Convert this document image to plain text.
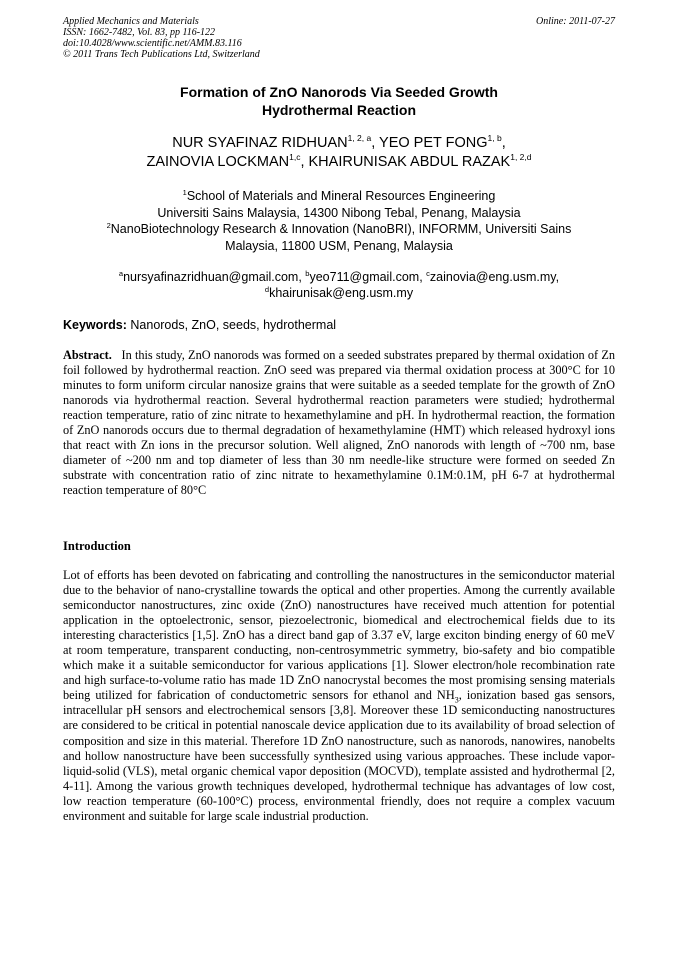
Applied Mechanics and Materials
ISSN: 1662-7482, Vol. 83, pp 116-122
doi:10.4028/www.scientific.net/AMM.83.116
© 2011 Trans Tech Publications Ltd, Switzerland
Online: 2011-07-27
Formation of ZnO Nanorods Via Seeded Growth
Hydrothermal Reaction
NUR SYAFINAZ RIDHUAN$^{1, 2, a}$, YEO PET FONG$^{1, b}$,
ZAINOVIA LOCKMAN$^{1,c}$, KHAIRUNISAK ABDUL RAZAK$^{1, 2,d}$
$^1$School of Materials and Mineral Resources Engineering
Universiti Sains Malaysia, 14300 Nibong Tebal, Penang, Malaysia
$^2$NanoBiotechnology Research & Innovation (NanoBRI), INFORMM, Universiti Sains
Malaysia, 11800 USM, Penang, Malaysia
$^a$nursyafinazridhuan@gmail.com, $^b$yeo711@gmail.com, $^c$zainovia@eng.usm.my,
$^d$khairunisak@eng.usm.my
Keywords: Nanorods, ZnO, seeds, hydrothermal
Abstract. In this study, ZnO nanorods was formed on a seeded substrates prepared by thermal oxidation of Zn foil followed by hydrothermal reaction. ZnO seed was prepared via thermal oxidation process at 300°C for 10 minutes to form uniform circular nanosize grains that were suitable as a seeded template for the growth of ZnO nanorods via hydrothermal reaction. Several hydrothermal reaction parameters were studied; hydrothermal reaction temperature, ratio of zinc nitrate to hexamethylamine and pH. In hydrothermal reaction, the formation of ZnO nanorods occurs due to thermal degradation of hexamethylamine (HMT) which released hydroxyl ions that react with Zn ions in the precursor solution. Well aligned, ZnO nanorods with length of ~700 nm, base diameter of ~200 nm and top diameter of less than 30 nm needle-like structure were formed on seeded Zn substrate with concentration ratio of zinc nitrate to hexamethylamine 0.1M:0.1M, pH 6-7 at hydrothermal reaction temperature of 80°C
Introduction
Lot of efforts has been devoted on fabricating and controlling the nanostructures in the semiconductor material due to the behavior of nano-crystalline towards the optical and other properties. Among the currently available semiconductor nanostructures, zinc oxide (ZnO) nanostructures have received much attention for potential application in the optoelectronic, sensor, piezoelectronic, biomedical and electrochemical fields due to its interesting characteristics [1,5]. ZnO has a direct band gap of 3.37 eV, large exciton binding energy of 60 meV at room temperature, transparent conducting, non-centrosymmetric symmetry, bio-safety and bio compatible which make it a suitable semiconductor for various applications [1]. Slower electron/hole recombination rate and high surface-to-volume ratio has made 1D ZnO nanocrystal becomes the most promising sensing materials being utilized for fabrication of conductometric sensors for ethanol and $NH_3$, ionization based gas sensors, intracellular pH sensors and electrochemical sensors [3,8]. Moreover these 1D semiconducting nanostructures are considered to be critical in potential nanoscale device application due to its availability of broad selection of composition and size in this material. Therefore 1D ZnO nanostructure, such as nanorods, nanowires, nanobelts and hollow nanostructure have been successfully synthesized using various approaches. These include vapor-liquid-solid (VLS), metal organic chemical vapor deposition (MOCVD), template assisted and hydrothermal [2, 4-11]. Among the various growth techniques developed, hydrothermal technique has advantages of low cost, low reaction temperature (60-100°C) process, environmental friendly, does not require a complex vacuum environment and suitable for large scale industrial production.
